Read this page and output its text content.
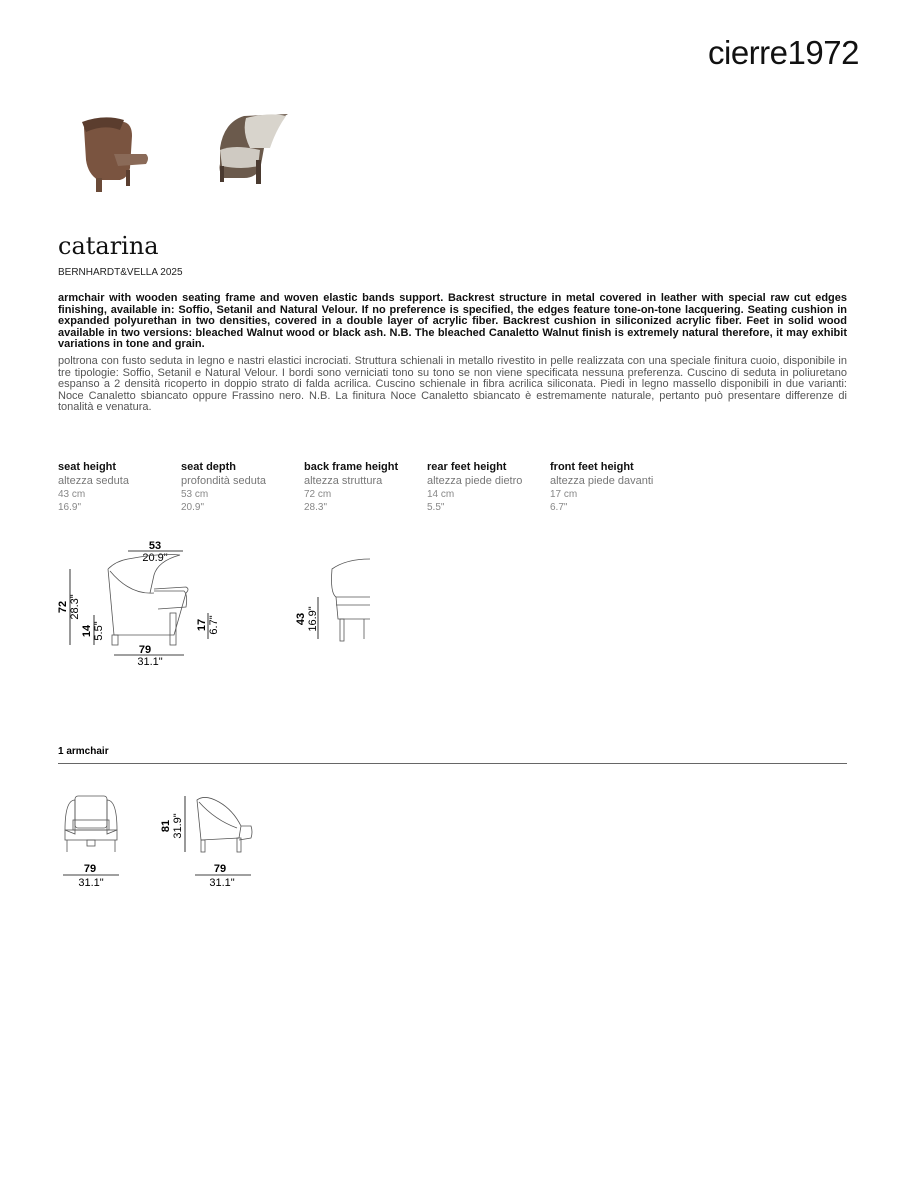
cierre1972
catarina
BERNHARDT&VELLA 2025
armchair with wooden seating frame and woven elastic bands support. Backrest structure in metal covered in leather with special raw cut edges finishing, available in: Soffio, Setanil and Natural Velour. If no preference is specified, the edges feature tone-on-tone lacquering. Seating cushion in expanded polyurethan in two densities, covered in a double layer of acrylic fiber. Backrest cushion in siliconized acrylic fiber. Feet in solid wood available in two versions: bleached Walnut wood or black ash. N.B. The bleached Canaletto Walnut finish is extremely natural therefore, it may exhibit variations in tone and grain.
poltrona con fusto seduta in legno e nastri elastici incrociati. Struttura schienali in metallo rivestito in pelle realizzata con una speciale finitura cuoio, disponibile in tre tipologie: Soffio, Setanil e Natural Velour. I bordi sono verniciati tono su tono se non viene specificata nessuna preferenza. Cuscino di seduta in poliuretano espanso a 2 densità ricoperto in doppio strato di falda acrilica. Cuscino schienale in fibra acrilica siliconata. Piedi in legno massello disponibili in due varianti: Noce Canaletto sbiancato oppure Frassino nero. N.B. La finitura Noce Canaletto sbiancato è estremamente naturale, pertanto può presentare differenze di tonalità e venatura.
seat height
altezza seduta
43 cm
16.9"
seat depth
profondità seduta
53 cm
20.9"
back frame height
altezza struttura
72 cm
28.3"
rear feet height
altezza piede dietro
14 cm
5.5"
front feet height
altezza piede davanti
17 cm
6.7"
53
20.9"
72 28.3"
14 5.5"	17 6.7"
79
31.1"
43 16.9"
1 armchair
79
31.1"
81 31.9"
79
31.1"
